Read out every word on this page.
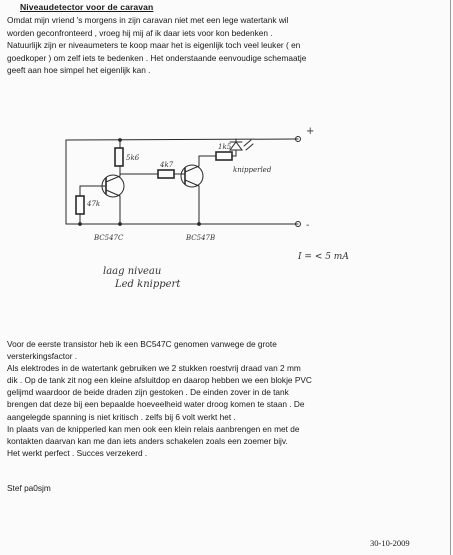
Niveaudetector voor de caravan
Omdat mijn vriend 's morgens in zijn caravan niet met een lege watertank wil
worden geconfronteerd , vroeg hij mij af ik daar iets voor kon bedenken .
Natuurlijk zijn er niveaumeters te koop maar het is eigenlijk toch veel leuker ( en
goedkoper ) om zelf iets te bedenken . Het onderstaande eenvoudige schemaatje
geeft aan hoe simpel het eigenlijk kan .
5k6
4k7
1k5
47k
knipperled
BC547C	BC547B
+
-
I = < 5 mA
laag niveau
Led knippert
Voor de eerste transistor heb ik een BC547C genomen vanwege de grote
versterkingsfactor .
Als elektrodes in de watertank gebruiken we 2 stukken roestvrij draad van 2 mm
dik . Op de tank zit nog een kleine afsluitdop en daarop hebben we een blokje PVC
gelijmd waardoor de beide draden zijn gestoken . De einden zover in de tank
brengen dat deze bij een bepaalde hoeveelheid water droog komen te staan . De
aangelegde spanning is niet kritisch . zelfs bij 6 volt werkt het .
In plaats van de knipperled kan men ook een klein relais aanbrengen en met de
kontakten daarvan kan me dan iets anders schakelen zoals een zoemer bijv.
Het werkt perfect . Succes verzekerd .
Stef pa0sjm
30-10-2009
